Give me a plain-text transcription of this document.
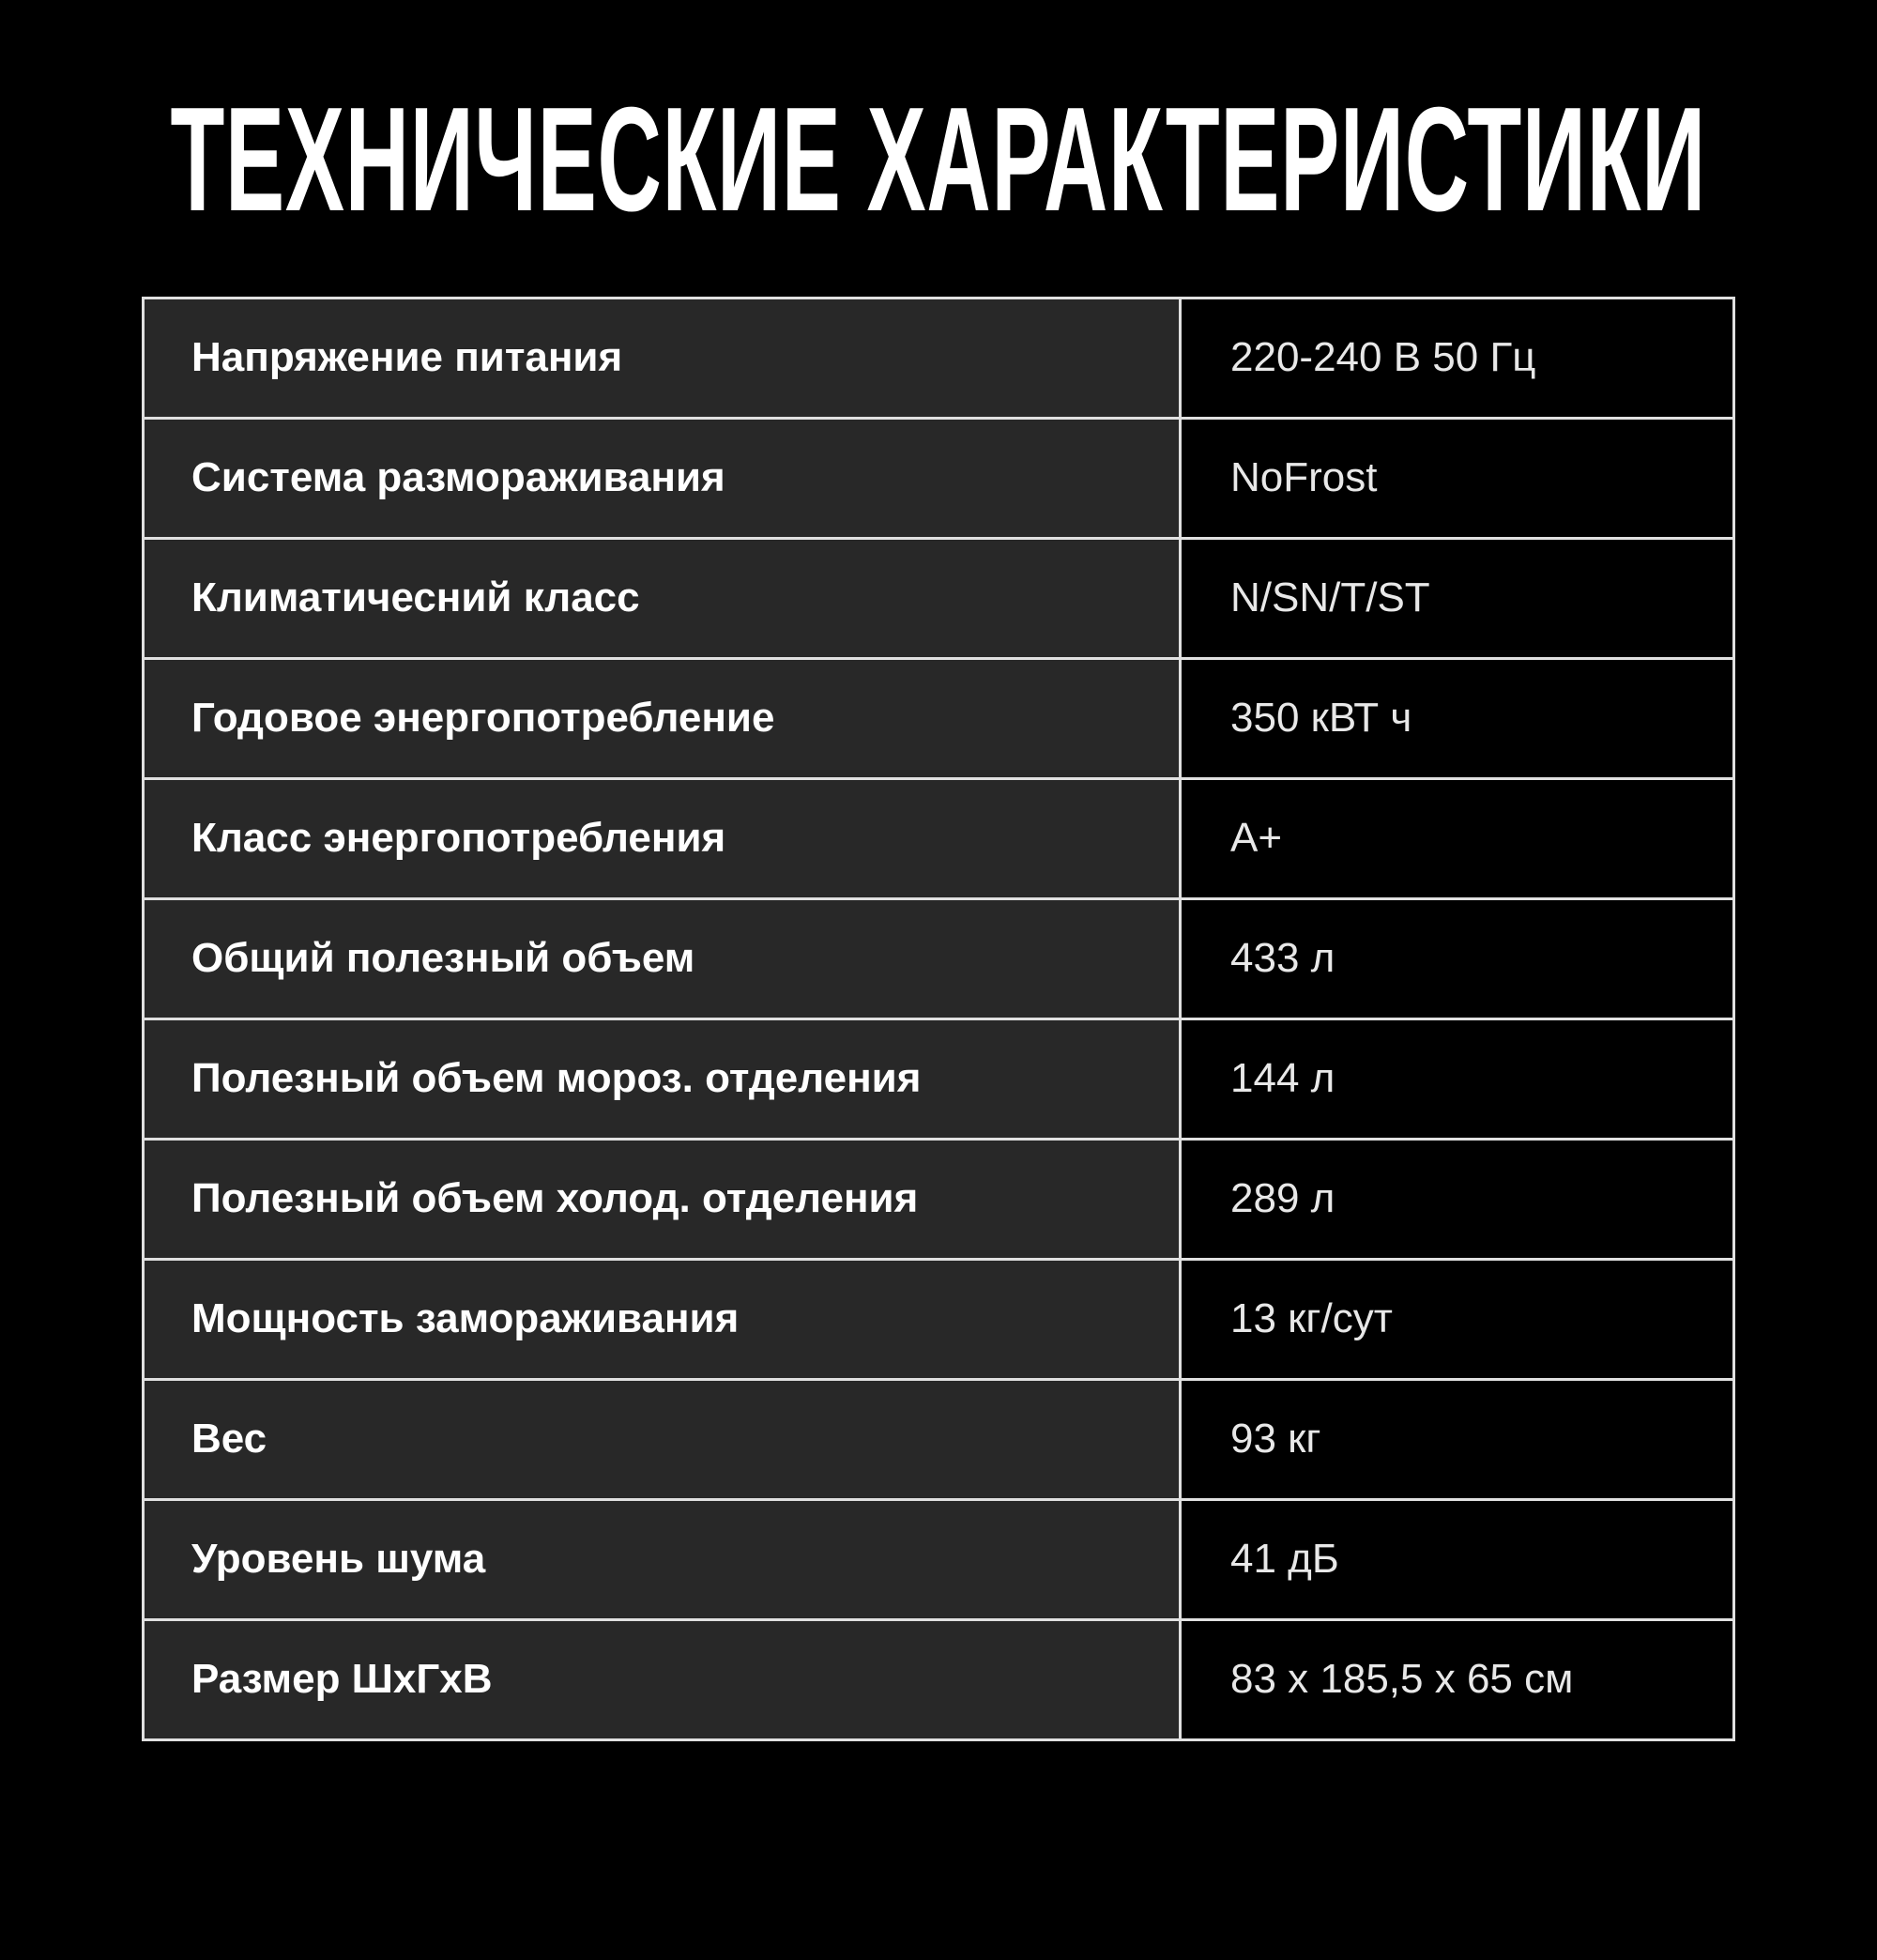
ТЕХНИЧЕСКИЕ ХАРАКТЕРИСТИКИ
Напряжение питания	220-240 В 50 Гц
Система размораживания	NoFrost
Климатичесний класс	N/SN/T/ST
Годовое энергопотребление	350 кВТ ч
Класс энергопотребления	А+
Общий полезный объем	433 л
Полезный объем мороз. отделения	144 л
Полезный объем холод. отделения	289 л
Мощность замораживания	13 кг/сут
Вес	93 кг
Уровень шума	41 дБ
Размер ШхГхВ	83 х 185,5 х 65 см
